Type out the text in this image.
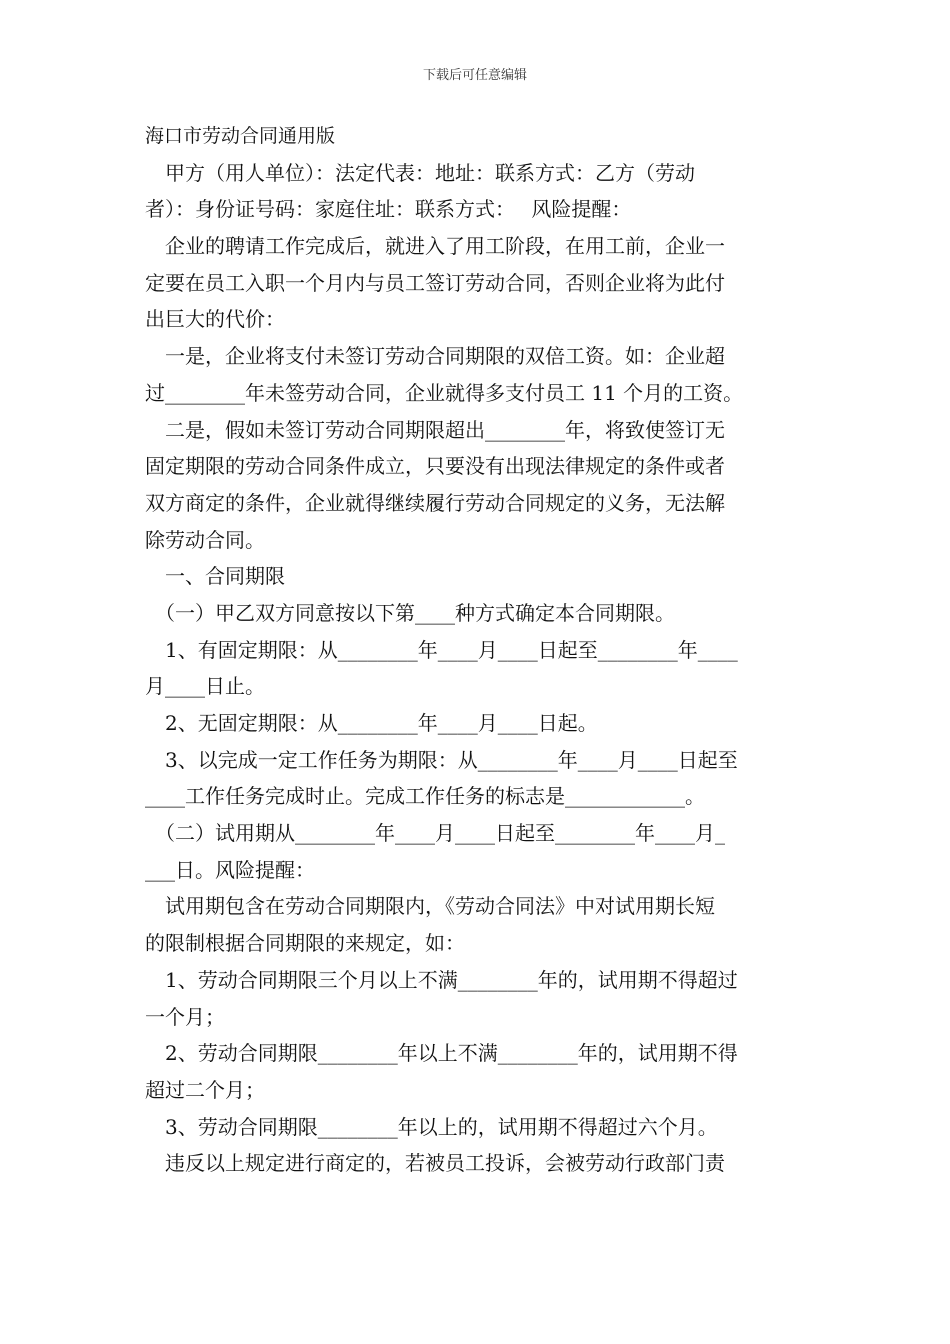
下载后可任意编辑
海口市劳动合同通用版
　甲方（用人单位）：法定代表：地址：联系方式：乙方（劳动
者）：身份证号码：家庭住址：联系方式：　 风险提醒：
　企业的聘请工作完成后，就进入了用工阶段，在用工前，企业一
定要在员工入职一个月内与员工签订劳动合同，否则企业将为此付
出巨大的代价：
　一是，企业将支付未签订劳动合同期限的双倍工资。如：企业超
过________年未签劳动合同，企业就得多支付员工 11 个月的工资。
　二是，假如未签订劳动合同期限超出________年，将致使签订无
固定期限的劳动合同条件成立，只要没有出现法律规定的条件或者
双方商定的条件，企业就得继续履行劳动合同规定的义务，无法解
除劳动合同。
　一、合同期限
　（一）甲乙双方同意按以下第____种方式确定本合同期限。
　1、有固定期限：从________年____月____日起至________年____
月____日止。
　2、无固定期限：从________年____月____日起。
　3、以完成一定工作任务为期限：从________年____月____日起至
____工作任务完成时止。完成工作任务的标志是____________。
　（二）试用期从________年____月____日起至________年____月_
___日。风险提醒：
　试用期包含在劳动合同期限内，《劳动合同法》中对试用期长短
的限制根据合同期限的来规定，如：
　1、劳动合同期限三个月以上不满________年的，试用期不得超过
一个月；
　2、劳动合同期限________年以上不满________年的，试用期不得
超过二个月；
　3、劳动合同期限________年以上的，试用期不得超过六个月。
　违反以上规定进行商定的，若被员工投诉，会被劳动行政部门责
